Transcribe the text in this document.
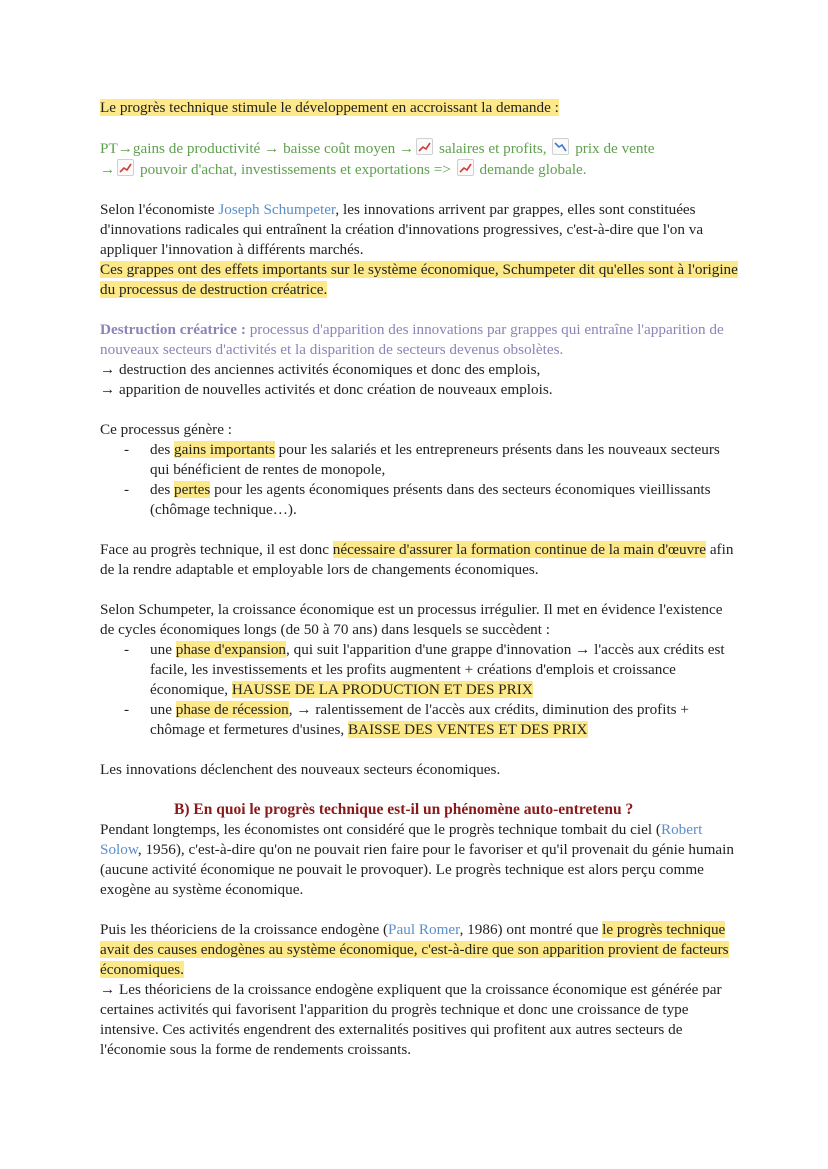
Le progrès technique stimule le développement en accroissant la demande :

PT→gains de productivité → baisse coût moyen →
salaires et profits,
prix de vente
→
pouvoir d'achat, investissements et exportations =>
demande globale.

Selon l'économiste Joseph Schumpeter, les innovations arrivent par grappes, elles sont constituées d'innovations radicales qui entraînent la création d'innovations progressives, c'est-à-dire que l'on va appliquer l'innovation à différents marchés.
Ces grappes ont des effets importants sur le système économique, Schumpeter dit qu'elles sont à l'origine du processus de destruction créatrice.

Destruction créatrice : processus d'apparition des innovations par grappes qui entraîne l'apparition de nouveaux secteurs d'activités et la disparition de secteurs devenus obsolètes.
→ destruction des anciennes activités économiques et donc des emplois,
→ apparition de nouvelles activités et donc création de nouveaux emplois.

Ce processus génère :

- des gains importants pour les salariés et les entrepreneurs présents dans les nouveaux secteurs qui bénéficient de rentes de monopole,
- des pertes pour les agents économiques présents dans des secteurs économiques vieillissants (chômage technique…).

Face au progrès technique, il est donc nécessaire d'assurer la formation continue de la main d'œuvre afin de la rendre adaptable et employable lors de changements économiques.

Selon Schumpeter, la croissance économique est un processus irrégulier. Il met en évidence l'existence de cycles économiques longs (de 50 à 70 ans) dans lesquels se succèdent :

- une phase d'expansion, qui suit l'apparition d'une grappe d'innovation → l'accès aux crédits est facile, les investissements et les profits augmentent + créations d'emplois et croissance économique, HAUSSE DE LA PRODUCTION ET DES PRIX
- une phase de récession, → ralentissement de l'accès aux crédits, diminution des profits + chômage et fermetures d'usines, BAISSE DES VENTES ET DES PRIX

Les innovations déclenchent des nouveaux secteurs économiques.

B) En quoi le progrès technique est-il un phénomène auto-entretenu ?

Pendant longtemps, les économistes ont considéré que le progrès technique tombait du ciel (Robert Solow, 1956), c'est-à-dire qu'on ne pouvait rien faire pour le favoriser et qu'il provenait du génie humain (aucune activité économique ne pouvait le provoquer). Le progrès technique est alors perçu comme exogène au système économique.

Puis les théoriciens de la croissance endogène (Paul Romer, 1986) ont montré que le progrès technique avait des causes endogènes au système économique, c'est-à-dire que son apparition provient de facteurs économiques.
→ Les théoriciens de la croissance endogène expliquent que la croissance économique est générée par certaines activités qui favorisent l'apparition du progrès technique et donc une croissance de type intensive. Ces activités engendrent des externalités positives qui profitent aux autres secteurs de l'économie sous la forme de rendements croissants.
